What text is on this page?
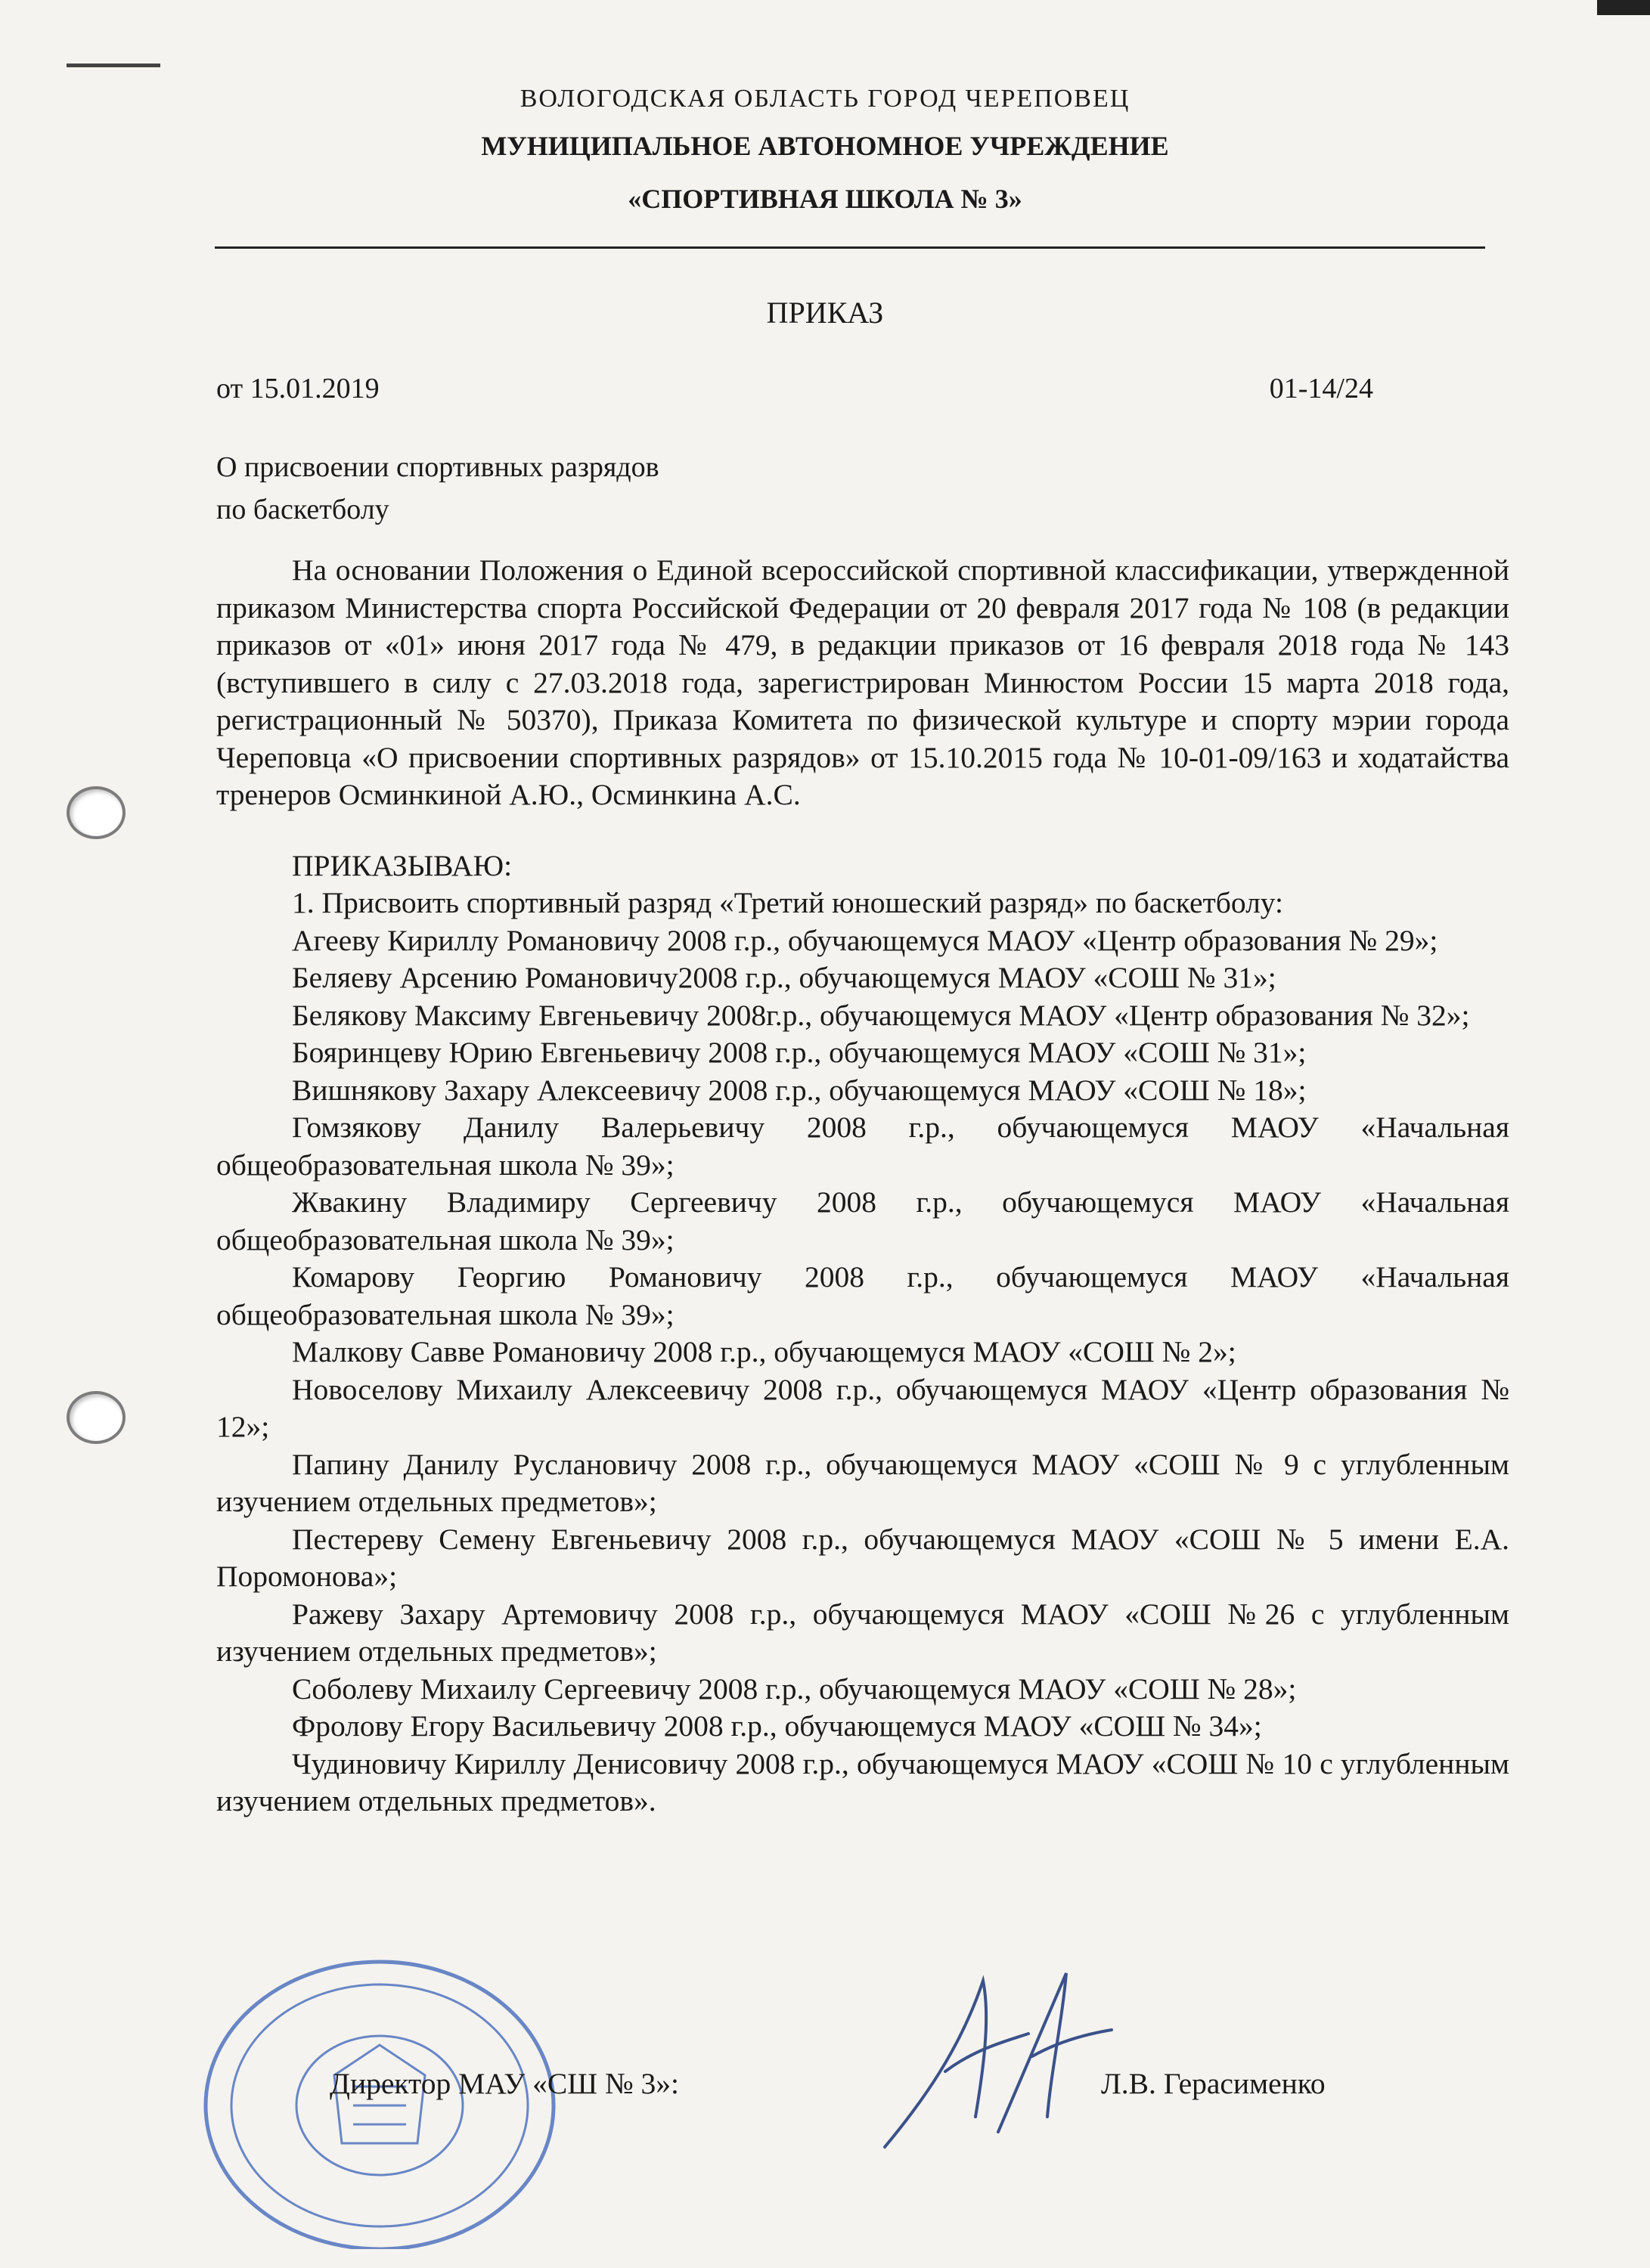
ВОЛОГОДСКАЯ ОБЛАСТЬ ГОРОД ЧЕРЕПОВЕЦ
МУНИЦИПАЛЬНОЕ АВТОНОМНОЕ УЧРЕЖДЕНИЕ
«СПОРТИВНАЯ ШКОЛА № 3»
ПРИКАЗ
от 15.01.2019	01-14/24
О присвоении спортивных разрядов
по баскетболу

На основании Положения о Единой всероссийской спортивной классификации, утвержденной приказом Министерства спорта Российской Федерации от 20 февраля 2017 года № 108 (в редакции приказов от «01» июня 2017 года № 479, в редакции приказов от 16 февраля 2018 года № 143 (вступившего в силу с 27.03.2018 года, зарегистрирован Минюстом России 15 марта 2018 года, регистрационный № 50370), Приказа Комитета по физической культуре и спорту мэрии города Череповца «О присвоении спортивных разрядов» от 15.10.2015 года № 10-01-09/163 и ходатайства тренеров Осминкиной А.Ю., Осминкина А.С.

ПРИКАЗЫВАЮ:

1. Присвоить спортивный разряд «Третий юношеский разряд» по баскетболу:

Агееву Кириллу Романовичу 2008 г.р., обучающемуся МАОУ «Центр образования № 29»;

Беляеву Арсению Романовичу2008 г.р., обучающемуся МАОУ «СОШ № 31»;

Белякову Максиму Евгеньевичу 2008г.р., обучающемуся МАОУ «Центр образования № 32»;

Бояринцеву Юрию Евгеньевичу 2008 г.р., обучающемуся МАОУ «СОШ № 31»;

Вишнякову Захару Алексеевичу 2008 г.р., обучающемуся МАОУ «СОШ № 18»;

Гомзякову Данилу Валерьевичу 2008 г.р., обучающемуся МАОУ «Начальная общеобразовательная школа № 39»;

Жвакину Владимиру Сергеевичу 2008 г.р., обучающемуся МАОУ «Начальная общеобразовательная школа № 39»;

Комарову Георгию Романовичу 2008 г.р., обучающемуся МАОУ «Начальная общеобразовательная школа № 39»;

Малкову Савве Романовичу 2008 г.р., обучающемуся МАОУ «СОШ № 2»;

Новоселову Михаилу Алексеевичу 2008 г.р., обучающемуся МАОУ «Центр образования № 12»;

Папину Данилу Руслановичу 2008 г.р., обучающемуся МАОУ «СОШ № 9 с углубленным изучением отдельных предметов»;

Пестереву Семену Евгеньевичу 2008 г.р., обучающемуся МАОУ «СОШ № 5 имени Е.А. Поромонова»;

Ражеву Захару Артемовичу 2008 г.р., обучающемуся МАОУ «СОШ №26 с углубленным изучением отдельных предметов»;

Соболеву Михаилу Сергеевичу 2008 г.р., обучающемуся МАОУ «СОШ № 28»;

Фролову Егору Васильевичу 2008 г.р., обучающемуся МАОУ «СОШ № 34»;

Чудиновичу Кириллу Денисовичу 2008 г.р., обучающемуся МАОУ «СОШ № 10 с углубленным изучением отдельных предметов».

Директор МАУ «СШ № 3»:	Л.В. Герасименко
